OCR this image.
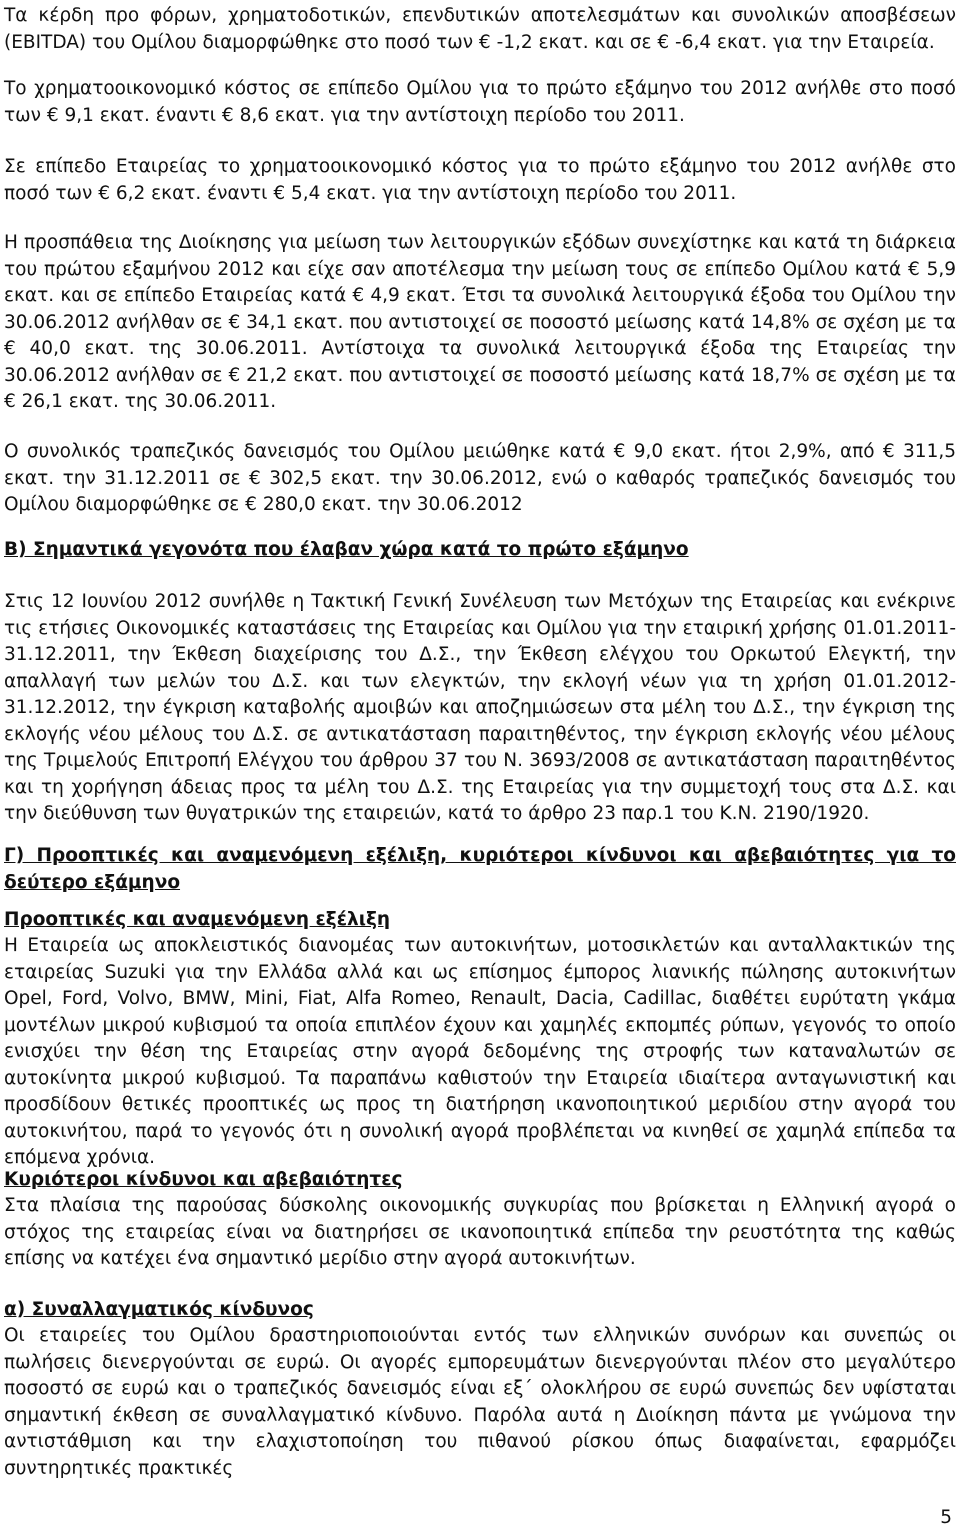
Τα κέρδη προ φόρων, χρηματοδοτικών, επενδυτικών αποτελεσμάτων και συνολικών αποσβέσεων (EBITDA) του Ομίλου διαμορφώθηκε στο ποσό των € -1,2 εκατ. και σε € -6,4 εκατ. για την Εταιρεία.

Το χρηματοοικονομικό κόστος σε επίπεδο Ομίλου για το πρώτο εξάμηνο του 2012 ανήλθε στο ποσό των € 9,1 εκατ. έναντι € 8,6 εκατ. για την αντίστοιχη περίοδο του 2011.

Σε επίπεδο Εταιρείας το χρηματοοικονομικό κόστος για το πρώτο εξάμηνο του 2012 ανήλθε στο ποσό των € 6,2 εκατ. έναντι € 5,4 εκατ. για την αντίστοιχη περίοδο του 2011.

Η προσπάθεια της Διοίκησης για μείωση των λειτουργικών εξόδων συνεχίστηκε και κατά τη διάρκεια του πρώτου εξαμήνου 2012 και είχε σαν αποτέλεσμα την μείωση τους σε επίπεδο Ομίλου κατά € 5,9 εκατ. και σε επίπεδο Εταιρείας κατά € 4,9 εκατ. Έτσι τα συνολικά λειτουργικά έξοδα του Ομίλου την 30.06.2012 ανήλθαν σε € 34,1 εκατ. που αντιστοιχεί σε ποσοστό μείωσης κατά 14,8% σε σχέση με τα € 40,0 εκατ. της 30.06.2011. Αντίστοιχα τα συνολικά λειτουργικά έξοδα της Εταιρείας την 30.06.2012 ανήλθαν σε € 21,2 εκατ. που αντιστοιχεί σε ποσοστό μείωσης κατά 18,7% σε σχέση με τα € 26,1 εκατ. της 30.06.2011.

Ο συνολικός τραπεζικός δανεισμός του Ομίλου μειώθηκε κατά € 9,0 εκατ. ήτοι 2,9%, από € 311,5 εκατ. την 31.12.2011 σε € 302,5 εκατ. την 30.06.2012, ενώ ο καθαρός τραπεζικός δανεισμός του Ομίλου διαμορφώθηκε σε € 280,0 εκατ. την 30.06.2012

Β) Σημαντικά γεγονότα που έλαβαν χώρα κατά το πρώτο εξάμηνο

Στις 12 Ιουνίου 2012 συνήλθε η Τακτική Γενική Συνέλευση των Μετόχων της Εταιρείας και ενέκρινε τις ετήσιες Οικονομικές καταστάσεις της Εταιρείας και Ομίλου για την εταιρική χρήσης 01.01.2011-31.12.2011, την Έκθεση διαχείρισης του Δ.Σ., την Έκθεση ελέγχου του Ορκωτού Ελεγκτή, την απαλλαγή των μελών του Δ.Σ. και των ελεγκτών, την εκλογή νέων για τη χρήση 01.01.2012-31.12.2012, την έγκριση καταβολής αμοιβών και αποζημιώσεων στα μέλη του Δ.Σ., την έγκριση της εκλογής νέου μέλους του Δ.Σ. σε αντικατάσταση παραιτηθέντος, την έγκριση εκλογής νέου μέλους της Τριμελούς Επιτροπή Ελέγχου του άρθρου 37 του Ν. 3693/2008 σε αντικατάσταση παραιτηθέντος και τη χορήγηση άδειας προς τα μέλη του Δ.Σ. της Εταιρείας για την συμμετοχή τους στα Δ.Σ. και την διεύθυνση των θυγατρικών της εταιρειών, κατά το άρθρο 23 παρ.1 του Κ.Ν. 2190/1920.

Γ) Προοπτικές και αναμενόμενη εξέλιξη, κυριότεροι κίνδυνοι και αβεβαιότητες για το δεύτερο εξάμηνο
Προοπτικές και αναμενόμενη εξέλιξη

Η Εταιρεία ως αποκλειστικός διανομέας των αυτοκινήτων, μοτοσικλετών και ανταλλακτικών της εταιρείας Suzuki για την Ελλάδα αλλά και ως επίσημος έμπορος λιανικής πώλησης αυτοκινήτων Opel, Ford, Volvo, BMW, Mini, Fiat, Alfa Romeo, Renault, Dacia, Cadillac, διαθέτει ευρύτατη γκάμα μοντέλων μικρού κυβισμού τα οποία επιπλέον έχουν και χαμηλές εκπομπές ρύπων, γεγονός το οποίο ενισχύει την θέση της Εταιρείας στην αγορά δεδομένης της στροφής των καταναλωτών σε αυτοκίνητα μικρού κυβισμού. Τα παραπάνω καθιστούν την Εταιρεία ιδιαίτερα ανταγωνιστική και προσδίδουν θετικές προοπτικές ως προς τη διατήρηση ικανοποιητικού μεριδίου στην αγορά του αυτοκινήτου, παρά το γεγονός ότι η συνολική αγορά προβλέπεται να κινηθεί σε χαμηλά επίπεδα τα επόμενα χρόνια.

Κυριότεροι κίνδυνοι και αβεβαιότητες

Στα πλαίσια της παρούσας δύσκολης οικονομικής συγκυρίας που βρίσκεται η Ελληνική αγορά ο στόχος της εταιρείας είναι να διατηρήσει σε ικανοποιητικά επίπεδα την ρευστότητα της καθώς επίσης να κατέχει ένα σημαντικό μερίδιο στην αγορά αυτοκινήτων.

α) Συναλλαγματικός κίνδυνος

Οι εταιρείες του Ομίλου δραστηριοποιούνται εντός των ελληνικών συνόρων και συνεπώς οι πωλήσεις διενεργούνται σε ευρώ. Οι αγορές εμπορευμάτων διενεργούνται πλέον στο μεγαλύτερο ποσοστό σε ευρώ και ο τραπεζικός δανεισμός είναι εξ΄ ολοκλήρου σε ευρώ συνεπώς δεν υφίσταται σημαντική έκθεση σε συναλλαγματικό κίνδυνο. Παρόλα αυτά η Διοίκηση πάντα με γνώμονα την αντιστάθμιση και την ελαχιστοποίηση του πιθανού ρίσκου όπως διαφαίνεται, εφαρμόζει συντηρητικές πρακτικές

5
